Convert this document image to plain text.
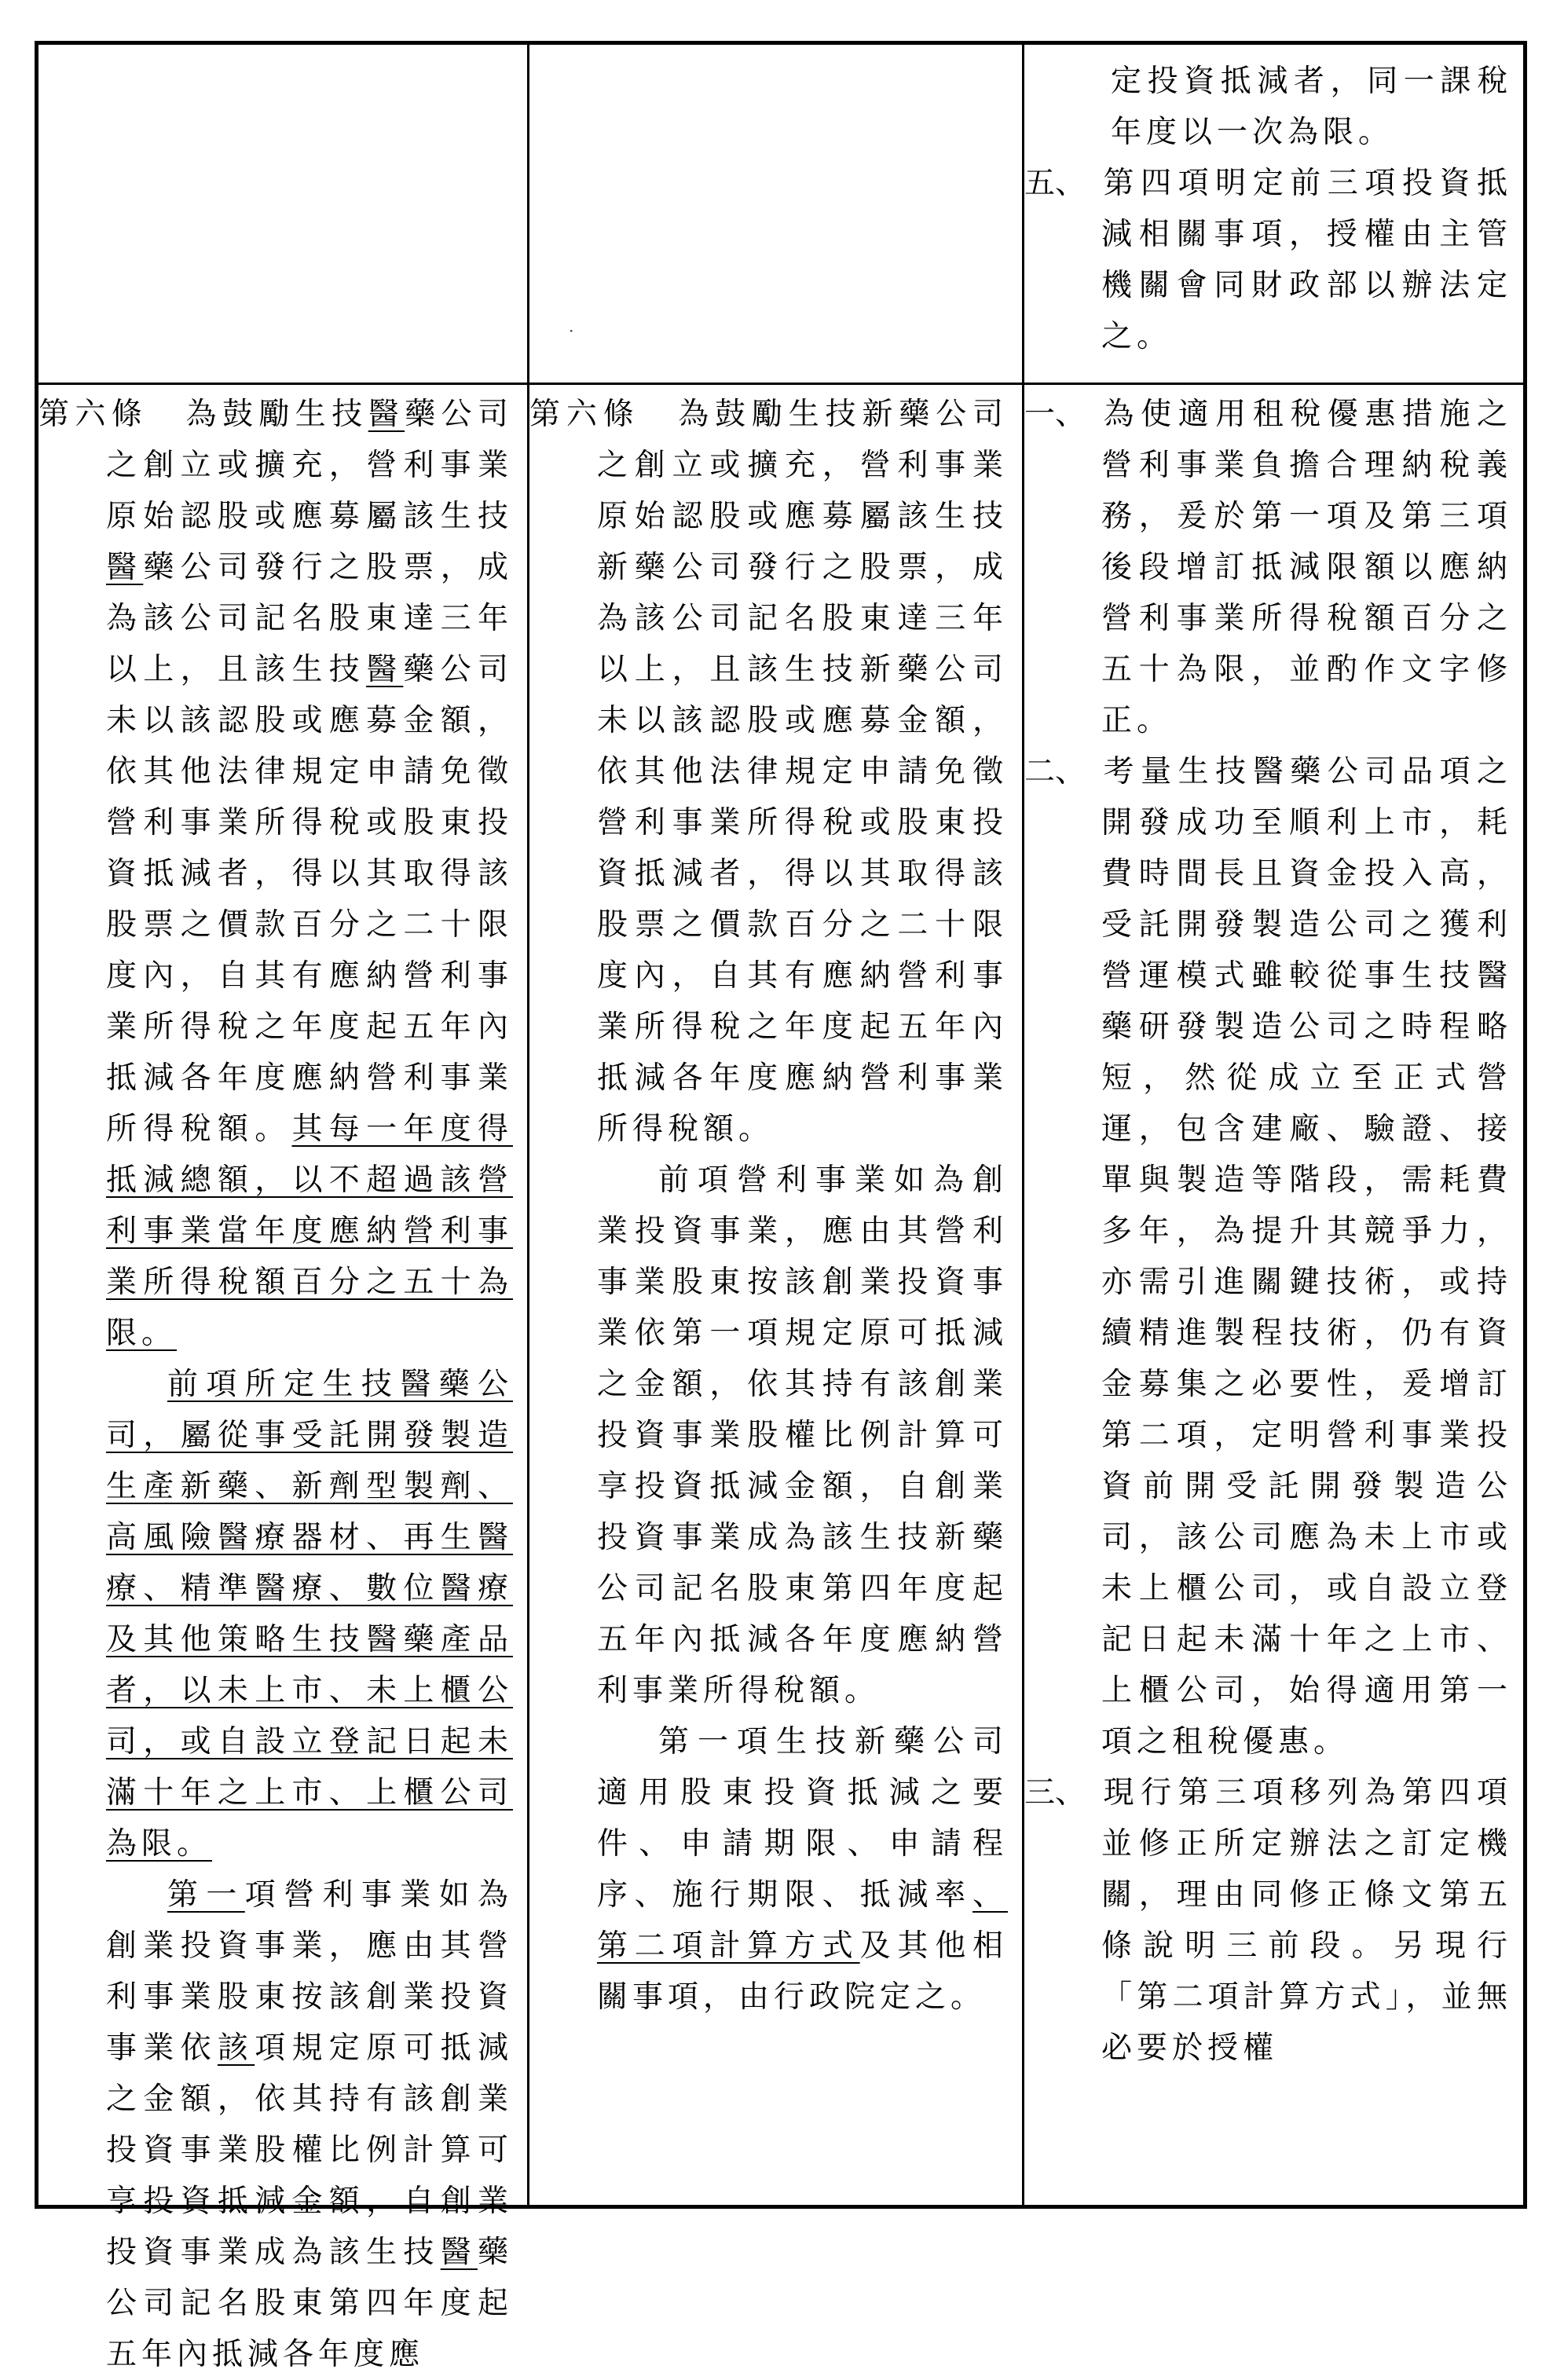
·
定投資抵減者，同一課稅年度以一次為限。
五、 第四項明定前三項投資抵減相關事項，授權由主管機關會同財政部以辦法定之。
第六條 為鼓勵生技醫藥公司之創立或擴充，營利事業原始認股或應募屬該生技醫藥公司發行之股票，成為該公司記名股東達三年以上，且該生技醫藥公司未以該認股或應募金額，依其他法律規定申請免徵營利事業所得稅或股東投資抵減者，得以其取得該股票之價款百分之二十限度內，自其有應納營利事業所得稅之年度起五年內抵減各年度應納營利事業所得稅額。其每一年度得抵減總額，以不超過該營利事業當年度應納營利事業所得稅額百分之五十為限。
前項所定生技醫藥公司，屬從事受託開發製造生產新藥、新劑型製劑、高風險醫療器材、再生醫療、精準醫療、數位醫療及其他策略生技醫藥產品者，以未上市、未上櫃公司，或自設立登記日起未滿十年之上市、上櫃公司為限。
第一項營利事業如為創業投資事業，應由其營利事業股東按該創業投資事業依該項規定原可抵減之金額，依其持有該創業投資事業股權比例計算可享投資抵減金額，自創業投資事業成為該生技醫藥公司記名股東第四年度起五年內抵減各年度應
第六條 為鼓勵生技新藥公司之創立或擴充，營利事業原始認股或應募屬該生技新藥公司發行之股票，成為該公司記名股東達三年以上，且該生技新藥公司未以該認股或應募金額，依其他法律規定申請免徵營利事業所得稅或股東投資抵減者，得以其取得該股票之價款百分之二十限度內，自其有應納營利事業所得稅之年度起五年內抵減各年度應納營利事業所得稅額。
前項營利事業如為創業投資事業，應由其營利事業股東按該創業投資事業依第一項規定原可抵減之金額，依其持有該創業投資事業股權比例計算可享投資抵減金額，自創業投資事業成為該生技新藥公司記名股東第四年度起五年內抵減各年度應納營利事業所得稅額。
第一項生技新藥公司適用股東投資抵減之要件、申請期限、申請程序、施行期限、抵減率、第二項計算方式及其他相關事項，由行政院定之。
一、 為使適用租稅優惠措施之營利事業負擔合理納稅義務，爰於第一項及第三項後段增訂抵減限額以應納營利事業所得稅額百分之五十為限，並酌作文字修正。
二、 考量生技醫藥公司品項之開發成功至順利上市，耗費時間長且資金投入高，受託開發製造公司之獲利營運模式雖較從事生技醫藥研發製造公司之時程略短，然從成立至正式營運，包含建廠、驗證、接單與製造等階段，需耗費多年，為提升其競爭力，亦需引進關鍵技術，或持續精進製程技術，仍有資金募集之必要性，爰增訂第二項，定明營利事業投資前開受託開發製造公司，該公司應為未上市或未上櫃公司，或自設立登記日起未滿十年之上市、上櫃公司，始得適用第一項之租稅優惠。
三、 現行第三項移列為第四項並修正所定辦法之訂定機關，理由同修正條文第五條說明三前段。另現行「第二項計算方式」，並無必要於授權
